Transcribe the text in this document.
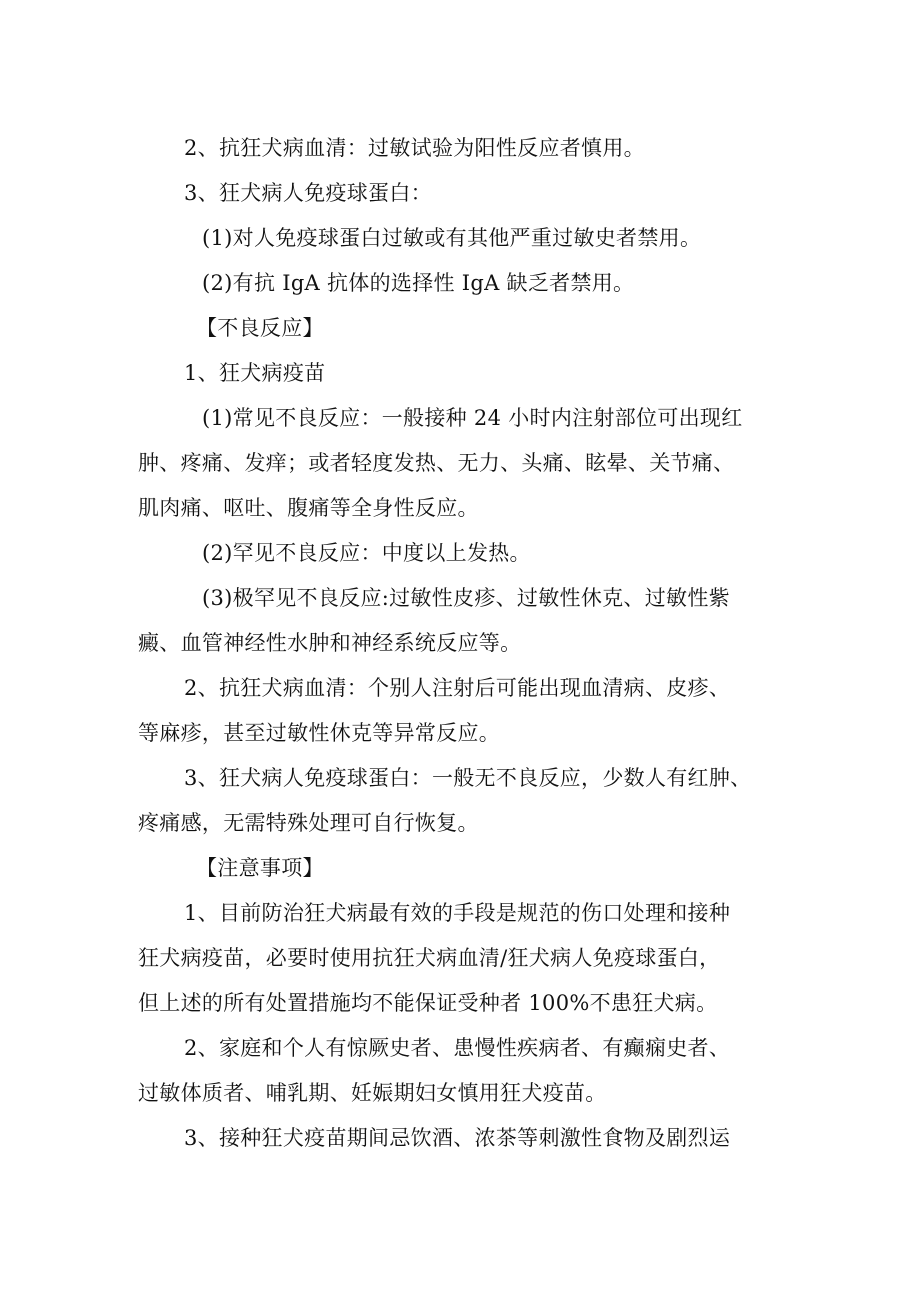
2、抗狂犬病血清：过敏试验为阳性反应者慎用。

3、狂犬病人免疫球蛋白：

(1)对人免疫球蛋白过敏或有其他严重过敏史者禁用。

(2)有抗 IgA 抗体的选择性 IgA 缺乏者禁用。

【不良反应】

1、狂犬病疫苗

(1)常见不良反应：一般接种 24 小时内注射部位可出现红

肿、疼痛、发痒；或者轻度发热、无力、头痛、眩晕、关节痛、

肌肉痛、呕吐、腹痛等全身性反应。

(2)罕见不良反应：中度以上发热。

(3)极罕见不良反应:过敏性皮疹、过敏性休克、过敏性紫

癜、血管神经性水肿和神经系统反应等。

2、抗狂犬病血清：个别人注射后可能出现血清病、皮疹、

等麻疹，甚至过敏性休克等异常反应。

3、狂犬病人免疫球蛋白：一般无不良反应，少数人有红肿、

疼痛感，无需特殊处理可自行恢复。

【注意事项】

1、目前防治狂犬病最有效的手段是规范的伤口处理和接种

狂犬病疫苗，必要时使用抗狂犬病血清/狂犬病人免疫球蛋白，

但上述的所有处置措施均不能保证受种者 100%不患狂犬病。

2、家庭和个人有惊厥史者、患慢性疾病者、有癫痫史者、

过敏体质者、哺乳期、妊娠期妇女慎用狂犬疫苗。

3、接种狂犬疫苗期间忌饮酒、浓茶等刺激性食物及剧烈运
